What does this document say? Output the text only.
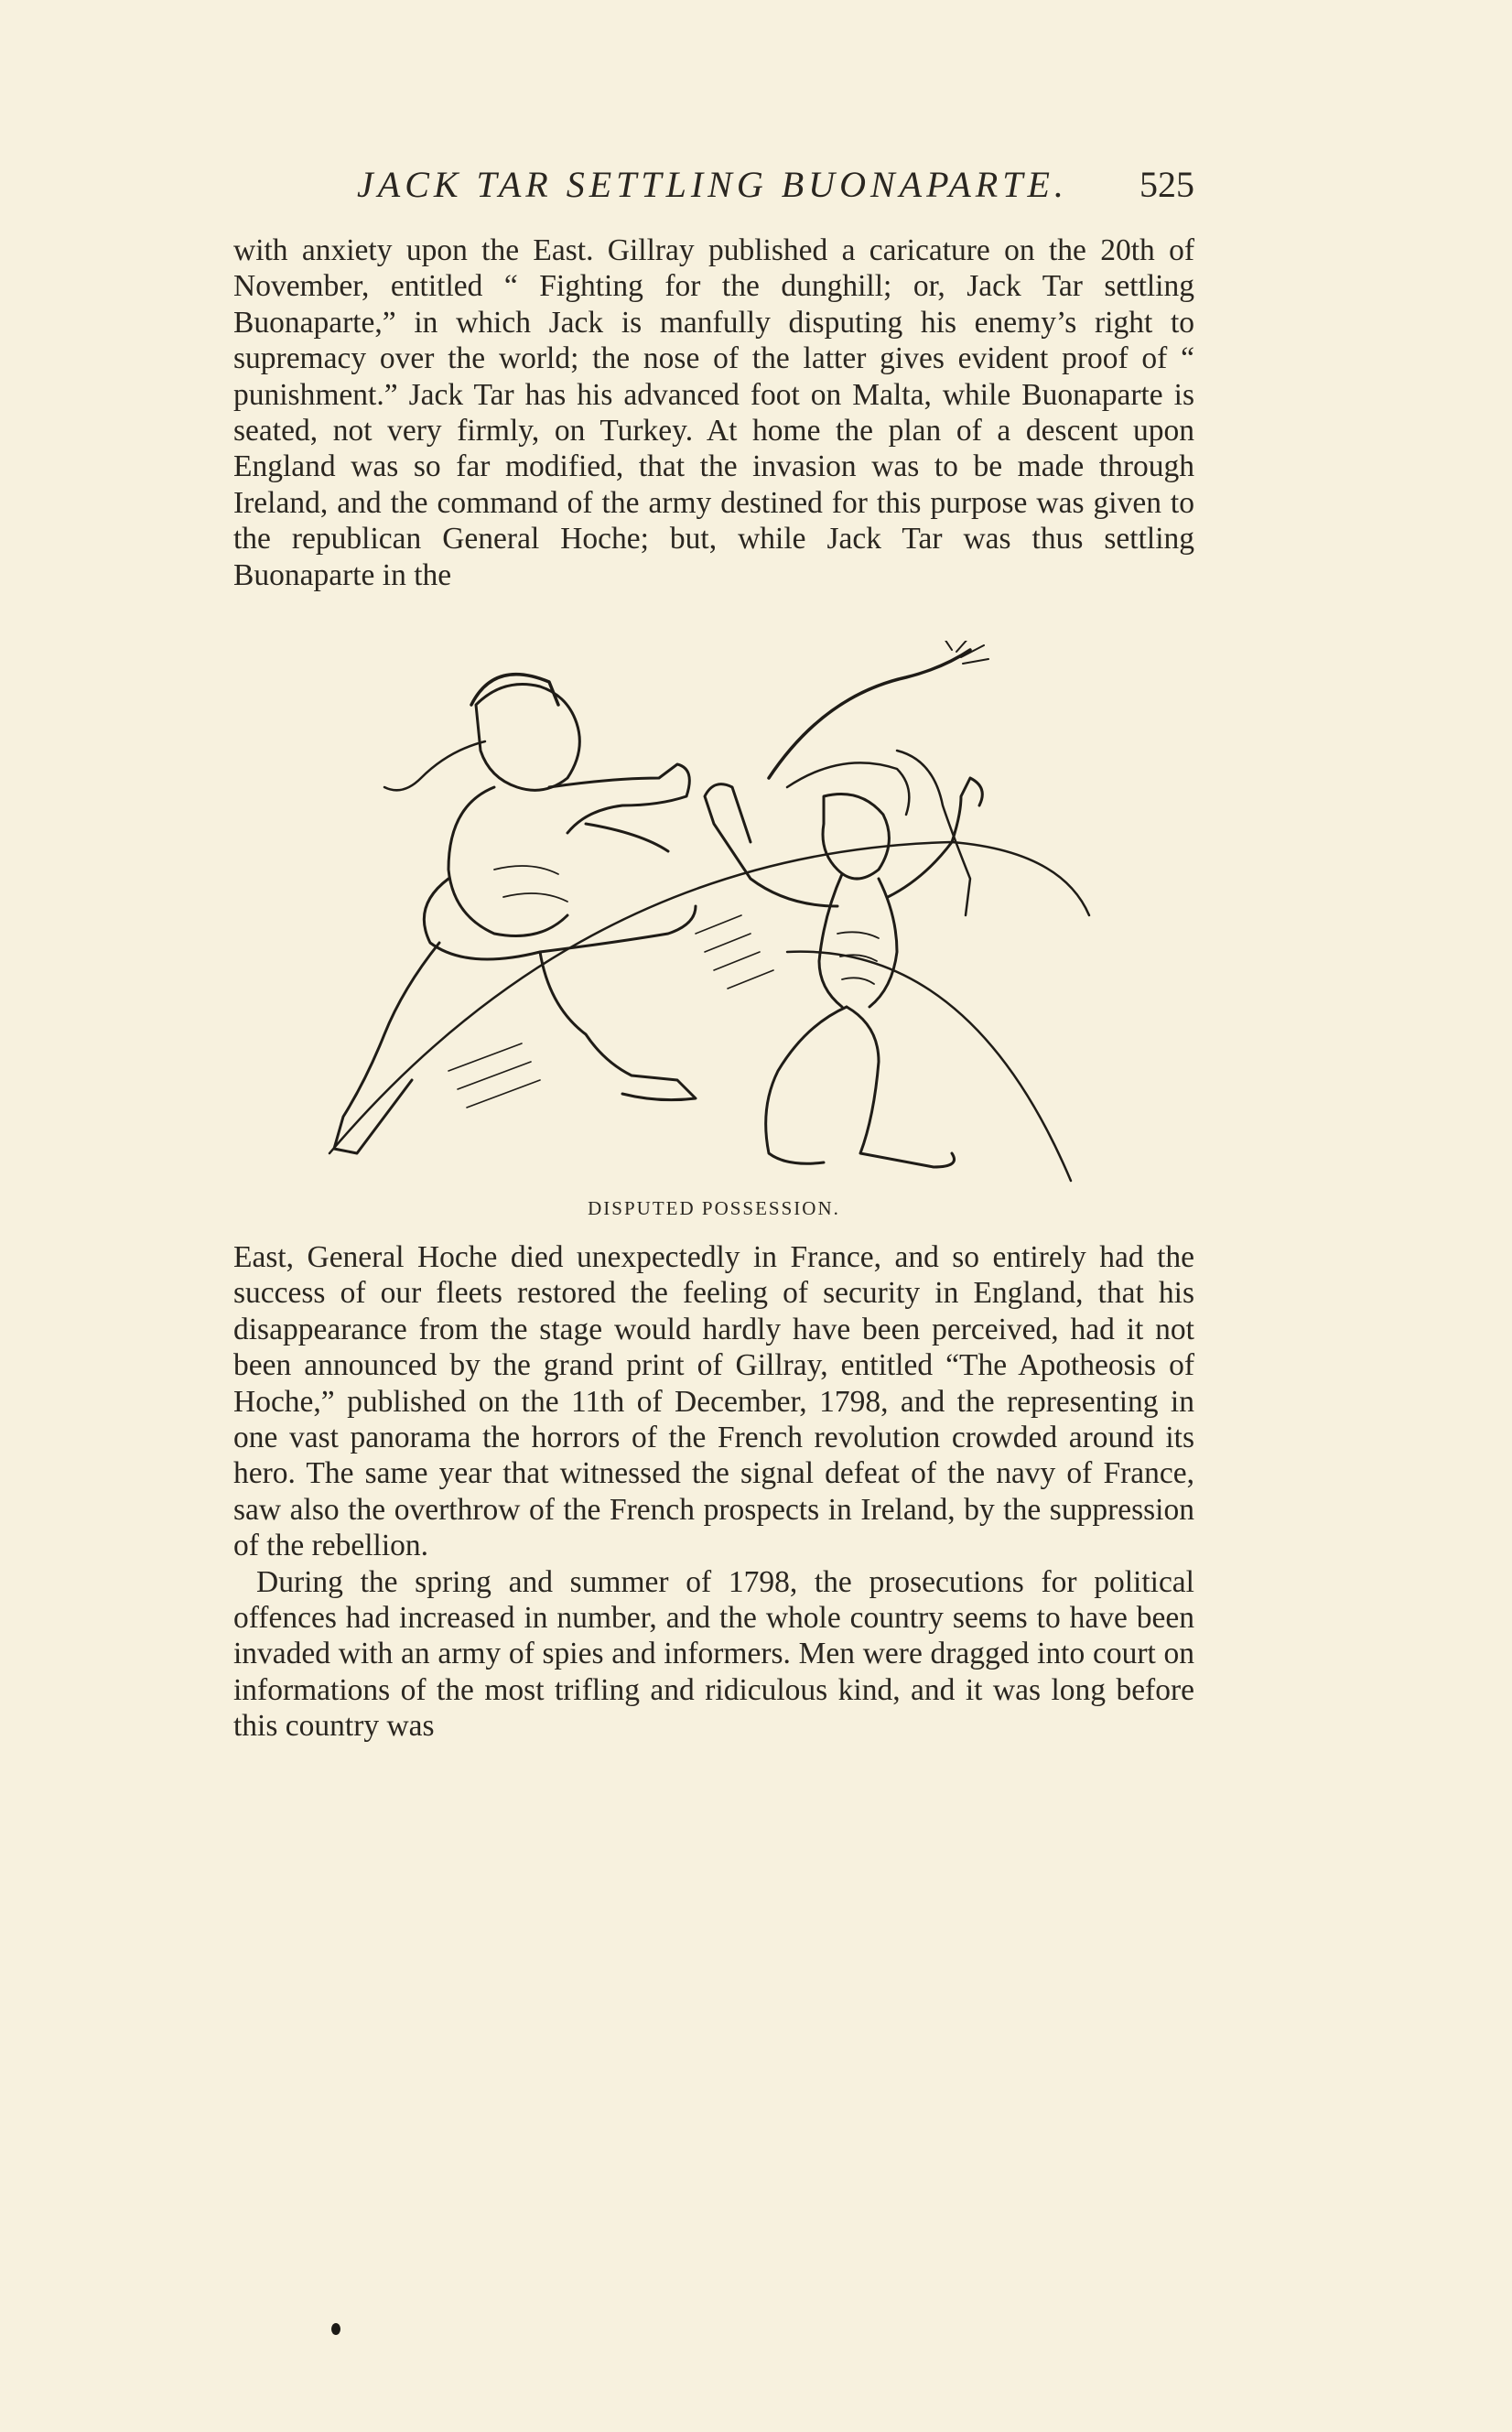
JACK TAR SETTLING BUONAPARTE. 525

with anxiety upon the East. Gillray published a caricature on the 20th of November, entitled “ Fighting for the dunghill; or, Jack Tar settling Buonaparte,” in which Jack is manfully disputing his enemy’s right to supremacy over the world; the nose of the latter gives evident proof of “ punishment.” Jack Tar has his advanced foot on Malta, while Buonaparte is seated, not very firmly, on Turkey. At home the plan of a descent upon England was so far modified, that the invasion was to be made through Ireland, and the command of the army destined for this purpose was given to the republican General Hoche; but, while Jack Tar was thus settling Buonaparte in the

DISPUTED POSSESSION.

East, General Hoche died unexpectedly in France, and so entirely had the success of our fleets restored the feeling of security in England, that his disappearance from the stage would hardly have been perceived, had it not been announced by the grand print of Gillray, entitled “The Apotheosis of Hoche,” published on the 11th of December, 1798, and the representing in one vast panorama the horrors of the French revolution crowded around its hero. The same year that witnessed the signal defeat of the navy of France, saw also the overthrow of the French prospects in Ireland, by the suppression of the rebellion.

During the spring and summer of 1798, the prosecutions for political offences had increased in number, and the whole country seems to have been invaded with an army of spies and informers. Men were dragged into court on informations of the most trifling and ridiculous kind, and it was long before this country was
